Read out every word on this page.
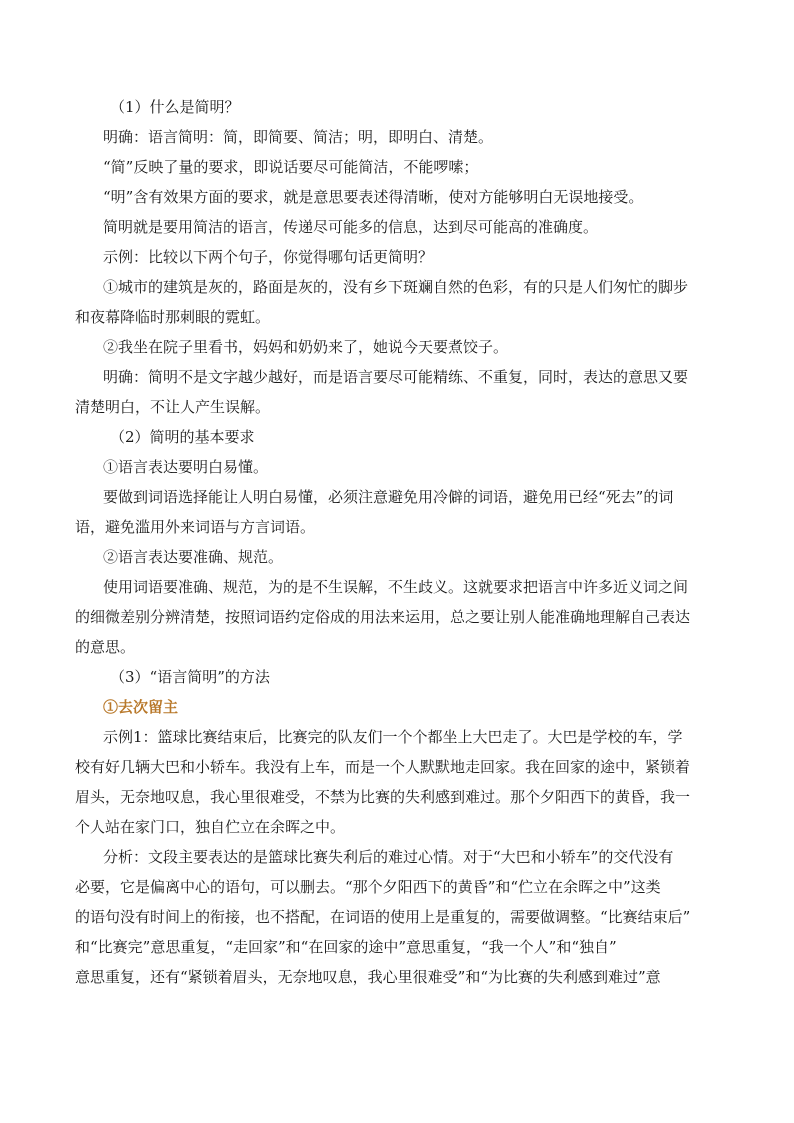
（1）什么是简明？
明确：语言简明：简，即简要、简洁；明，即明白、清楚。
“简”反映了量的要求，即说话要尽可能简洁，不能啰嗦；
“明”含有效果方面的要求，就是意思要表述得清晰，使对方能够明白无误地接受。
简明就是要用简洁的语言，传递尽可能多的信息，达到尽可能高的准确度。
示例：比较以下两个句子，你觉得哪句话更简明？
①城市的建筑是灰的，路面是灰的，没有乡下斑斓自然的色彩，有的只是人们匆忙的脚步
和夜幕降临时那刺眼的霓虹。
②我坐在院子里看书，妈妈和奶奶来了，她说今天要煮饺子。
明确：简明不是文字越少越好，而是语言要尽可能精练、不重复，同时，表达的意思又要
清楚明白，不让人产生误解。
（2）简明的基本要求
①语言表达要明白易懂。
要做到词语选择能让人明白易懂，必须注意避免用冷僻的词语，避免用已经“死去”的词
语，避免滥用外来词语与方言词语。
②语言表达要准确、规范。
使用词语要准确、规范，为的是不生误解，不生歧义。这就要求把语言中许多近义词之间
的细微差别分辨清楚，按照词语约定俗成的用法来运用，总之要让别人能准确地理解自己表达
的意思。
（3）“语言简明”的方法
①去次留主
示例1：篮球比赛结束后，比赛完的队友们一个个都坐上大巴走了。大巴是学校的车，学
校有好几辆大巴和小轿车。我没有上车，而是一个人默默地走回家。我在回家的途中，紧锁着
眉头，无奈地叹息，我心里很难受，不禁为比赛的失利感到难过。那个夕阳西下的黄昏，我一
个人站在家门口，独自伫立在余晖之中。
分析：文段主要表达的是篮球比赛失利后的难过心情。对于“大巴和小轿车”的交代没有
必要，它是偏离中心的语句，可以删去。“那个夕阳西下的黄昏”和“伫立在余晖之中”这类
的语句没有时间上的衔接，也不搭配，在词语的使用上是重复的，需要做调整。“比赛结束后”
和“比赛完”意思重复，“走回家”和“在回家的途中”意思重复，“我一个人”和“独自”
意思重复，还有“紧锁着眉头，无奈地叹息，我心里很难受”和“为比赛的失利感到难过”意
